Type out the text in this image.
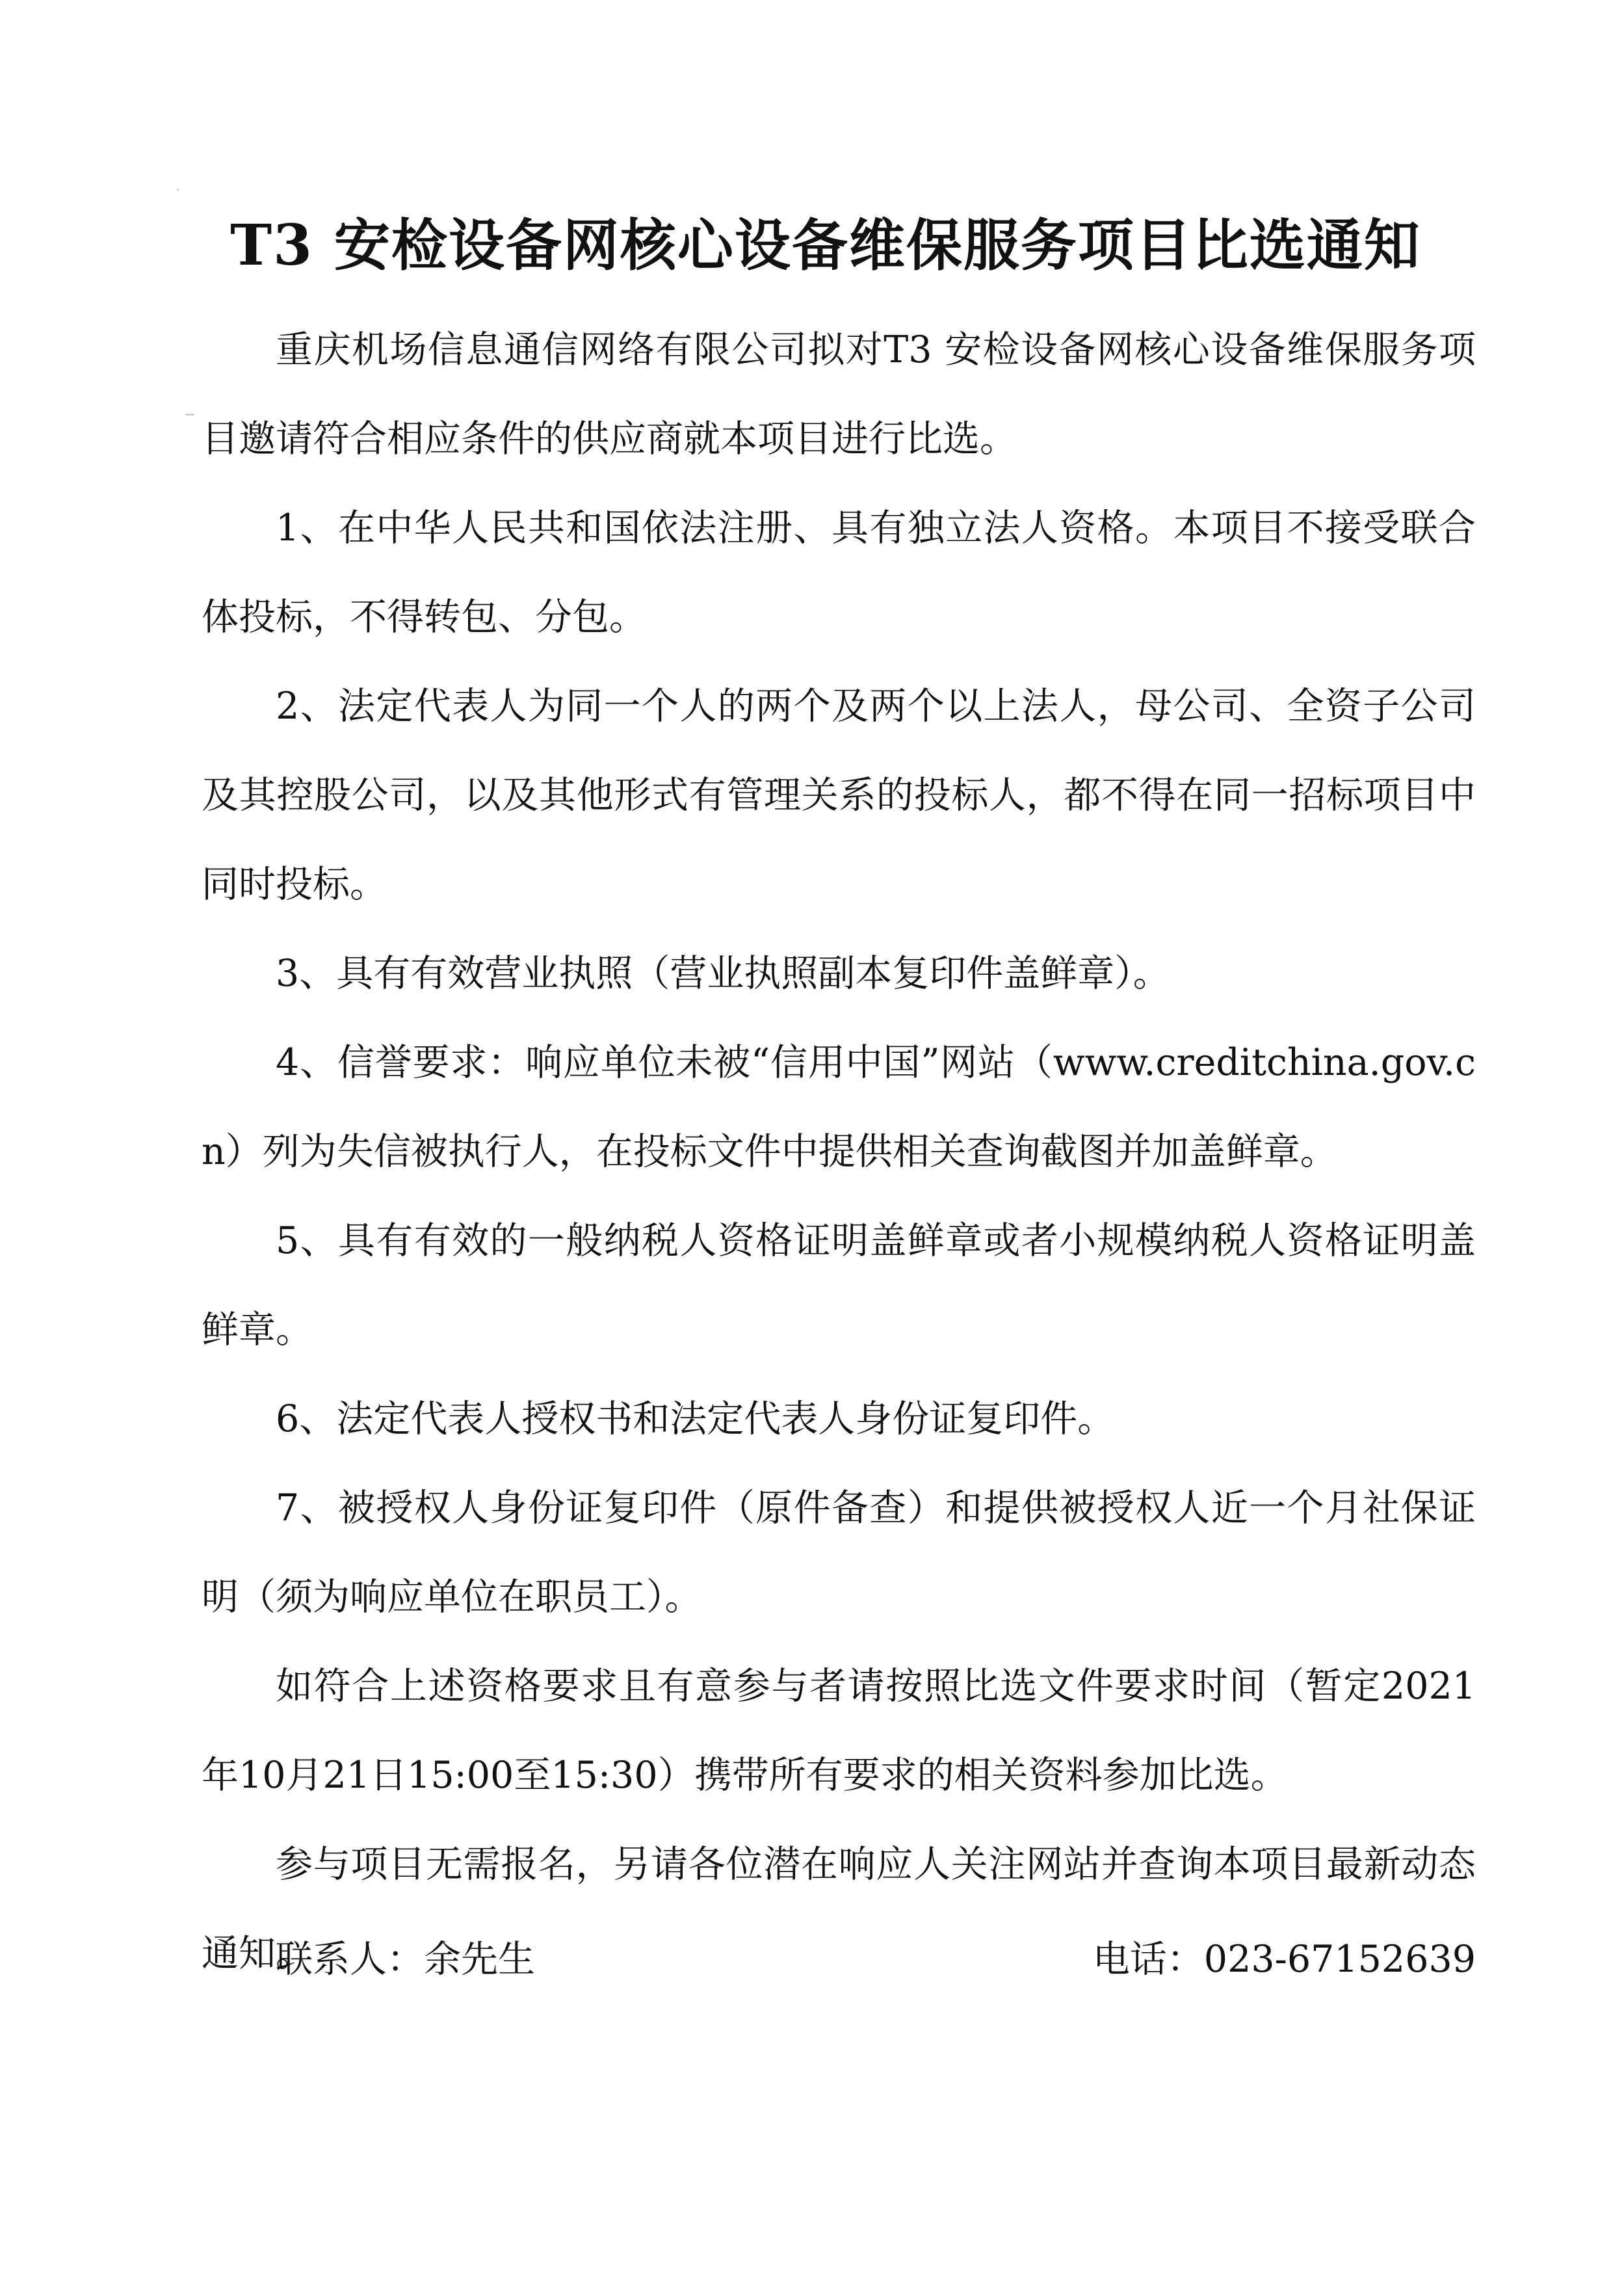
T3 安检设备网核心设备维保服务项目比选通知

重庆机场信息通信网络有限公司拟对T3 安检设备网核心设备维保服务项目邀请符合相应条件的供应商就本项目进行比选。

1、在中华人民共和国依法注册、具有独立法人资格。本项目不接受联合体投标，不得转包、分包。

2、法定代表人为同一个人的两个及两个以上法人，母公司、全资子公司及其控股公司，以及其他形式有管理关系的投标人，都不得在同一招标项目中同时投标。

3、具有有效营业执照（营业执照副本复印件盖鲜章）。

4、信誉要求：响应单位未被“信用中国”网站（www.creditchina.gov.cn）列为失信被执行人，在投标文件中提供相关查询截图并加盖鲜章。

5、具有有效的一般纳税人资格证明盖鲜章或者小规模纳税人资格证明盖鲜章。

6、法定代表人授权书和法定代表人身份证复印件。

7、被授权人身份证复印件（原件备查）和提供被授权人近一个月社保证明（须为响应单位在职员工）。

如符合上述资格要求且有意参与者请按照比选文件要求时间（暂定2021年10月21日15:00至15:30）携带所有要求的相关资料参加比选。

参与项目无需报名，另请各位潜在响应人关注网站并查询本项目最新动态通知。

联系人：余先生	电话：023-67152639
